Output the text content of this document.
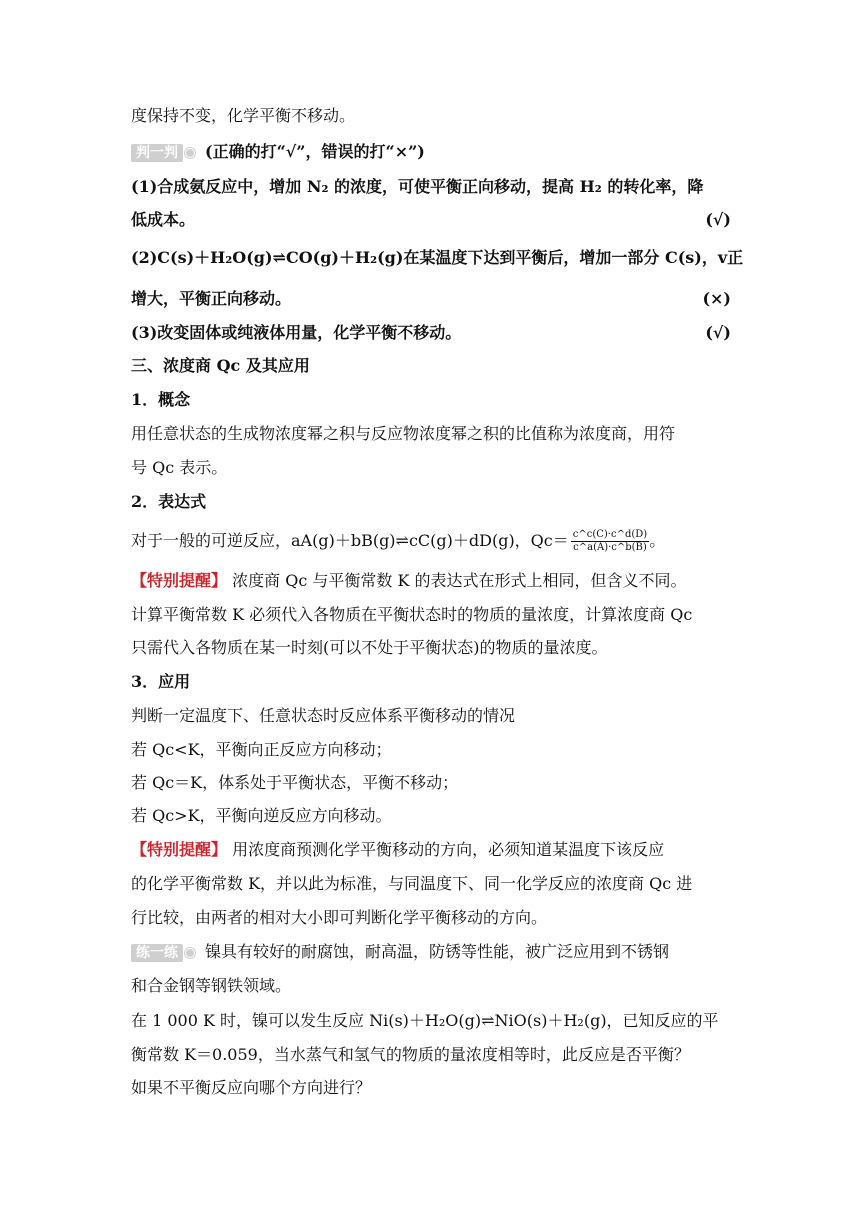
度保持不变，化学平衡不移动。
判一判 (正确的打“√”，错误的打“×”)
(1)合成氨反应中，增加 N₂ 的浓度，可使平衡正向移动，提高 H₂ 的转化率，降
低成本。	(√)
(2)C(s)＋H₂O(g)⇌CO(g)＋H₂(g)在某温度下达到平衡后，增加一部分 C(s)，v正
增大，平衡正向移动。	(×)
(3)改变固体或纯液体用量，化学平衡不移动。	(√)
三、浓度商 Qc 及其应用
1．概念
用任意状态的生成物浓度幂之积与反应物浓度幂之积的比值称为浓度商，用符
号 Qc 表示。
2．表达式
对于一般的可逆反应，aA(g)＋bB(g)⇌cC(g)＋dD(g)，$Qc= \frac{c\^{}c(C)\cdot c\^{}d(D)}{c\^{}a(A)\cdot c\^{}b(B)}$ 。
【特别提醒】 浓度商 Qc 与平衡常数 K 的表达式在形式上相同，但含义不同。
计算平衡常数 K 必须代入各物质在平衡状态时的物质的量浓度，计算浓度商 Qc
只需代入各物质在某一时刻(可以不处于平衡状态)的物质的量浓度。
3．应用
判断一定温度下、任意状态时反应体系平衡移动的情况
若 Qc<K，平衡向正反应方向移动；
若 Qc＝K，体系处于平衡状态，平衡不移动；
若 Qc>K，平衡向逆反应方向移动。
【特别提醒】 用浓度商预测化学平衡移动的方向，必须知道某温度下该反应
的化学平衡常数 K，并以此为标准，与同温度下、同一化学反应的浓度商 Qc 进
行比较，由两者的相对大小即可判断化学平衡移动的方向。
练一练 镍具有较好的耐腐蚀，耐高温，防锈等性能，被广泛应用到不锈钢
和合金钢等钢铁领域。
在 1 000 K 时，镍可以发生反应 Ni(s)＋H₂O(g)⇌NiO(s)＋H₂(g)，已知反应的平
衡常数 K＝0.059，当水蒸气和氢气的物质的量浓度相等时，此反应是否平衡？
如果不平衡反应向哪个方向进行？
